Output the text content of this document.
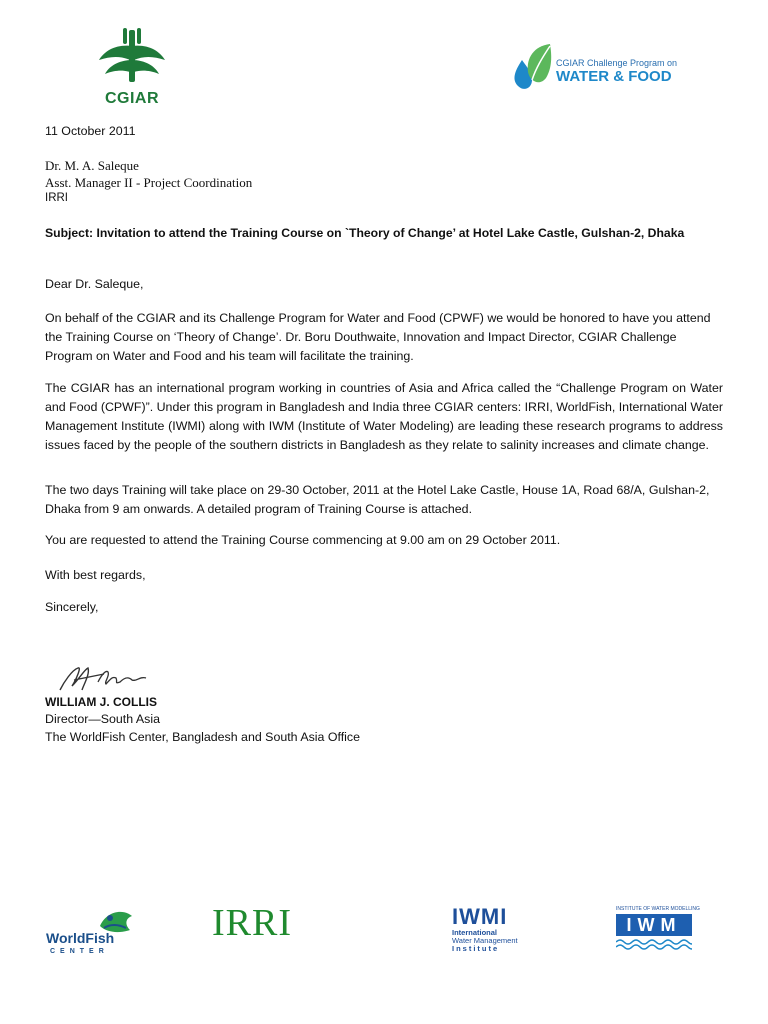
CGIAR
CGIAR Challenge Program on
WATER & FOOD
11 October 2011
Dr. M. A. Saleque
Asst. Manager II - Project Coordination
IRRI
Subject: Invitation to attend the Training Course on `Theory of Change’ at Hotel Lake Castle, Gulshan-2, Dhaka
Dear Dr. Saleque,
On behalf of the CGIAR and its Challenge Program for Water and Food (CPWF) we would be honored to have you attend the Training Course on ‘Theory of Change’. Dr. Boru Douthwaite, Innovation and Impact Director, CGIAR Challenge Program on Water and Food and his team will facilitate the training.
The CGIAR has an international program working in countries of Asia and Africa called the “Challenge Program on Water and Food (CPWF)”. Under this program in Bangladesh and India three CGIAR centers: IRRI, WorldFish, International Water Management Institute (IWMI) along with IWM (Institute of Water Modeling) are leading these research programs to address issues faced by the people of the southern districts in Bangladesh as they relate to salinity increases and climate change.
The two days Training will take place on 29-30 October, 2011 at the Hotel Lake Castle, House 1A, Road 68/A, Gulshan-2, Dhaka from 9 am onwards. A detailed program of Training Course is attached.
You are requested to attend the Training Course commencing at 9.00 am on 29 October 2011.
With best regards,
Sincerely,
WILLIAM J. COLLIS
Director—South Asia
The WorldFish Center, Bangladesh and South Asia Office
WorldFish
CENTER
IRRI	IWMI
International
Water Management
Institute
INSTITUTE OF WATER MODELLING
IWM
